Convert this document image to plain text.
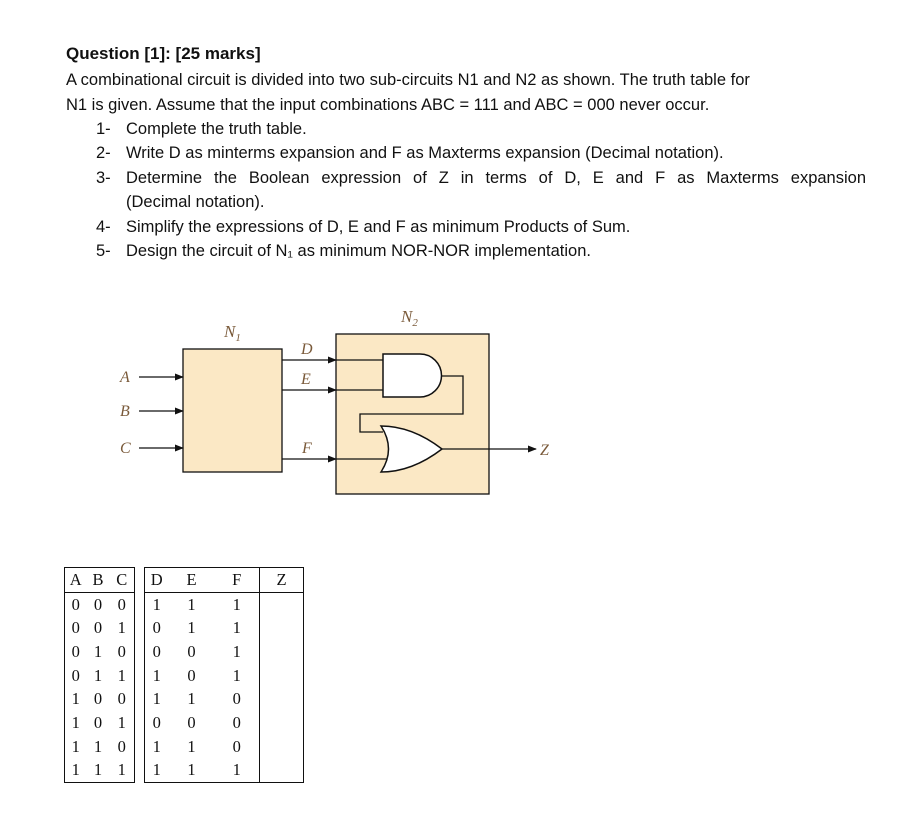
Question [1]: [25 marks]

A combinational circuit is divided into two sub-circuits N1 and N2 as shown. The truth table for

N1 is given. Assume that the input combinations ABC = 111 and ABC = 000 never occur.

1- Complete the truth table.
2- Write D as minterms expansion and F as Maxterms expansion (Decimal notation).
3- Determine the Boolean expression of Z in terms of D, E and F as Maxterms expansion
(Decimal notation).
4- Simplify the expressions of D, E and F as minimum Products of Sum.
5- Design the circuit of N₁ as minimum NOR-NOR implementation.
$N_1$
$N_2$
A
B
C
D
E
F	Z
A	B	C		D	E	F	Z
0	0	0		1	1	1	
0	0	1		0	1	1	
0	1	0		0	0	1	
0	1	1		1	0	1	
1	0	0		1	1	0	
1	0	1		0	0	0	
1	1	0		1	1	0	
1	1	1		1	1	1	
